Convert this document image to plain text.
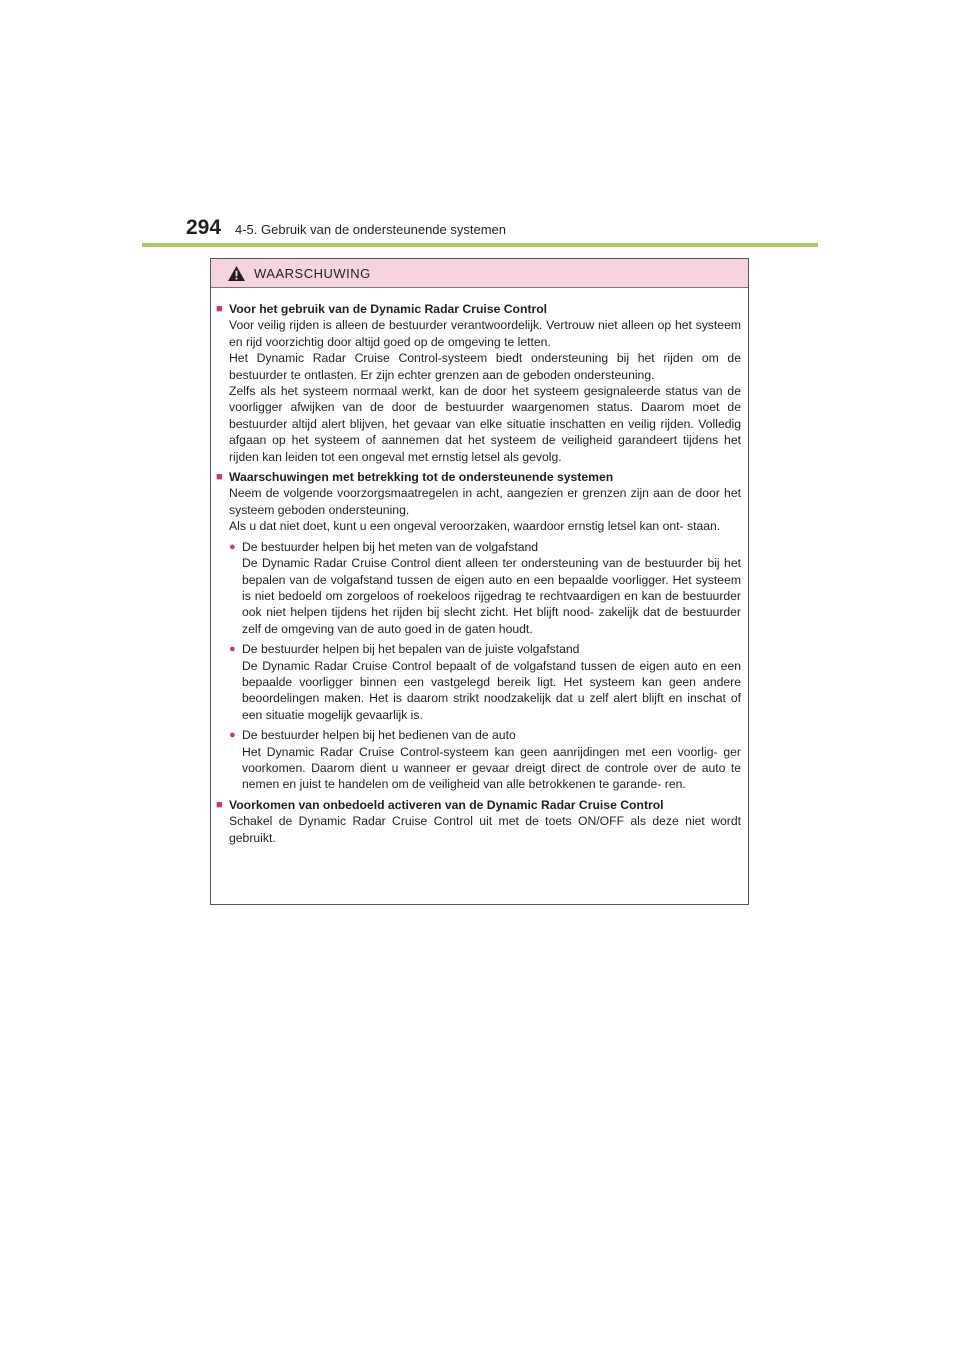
294 4-5. Gebruik van de ondersteunende systemen
WAARSCHUWING
■ Voor het gebruik van de Dynamic Radar Cruise Control
Voor veilig rijden is alleen de bestuurder verantwoordelijk. Vertrouw niet alleen op het systeem en rijd voorzichtig door altijd goed op de omgeving te letten.
Het Dynamic Radar Cruise Control-systeem biedt ondersteuning bij het rijden om de bestuurder te ontlasten. Er zijn echter grenzen aan de geboden ondersteuning.
Zelfs als het systeem normaal werkt, kan de door het systeem gesignaleerde status van de voorligger afwijken van de door de bestuurder waargenomen status. Daarom moet de bestuurder altijd alert blijven, het gevaar van elke situatie inschatten en veilig rijden. Volledig afgaan op het systeem of aannemen dat het systeem de veiligheid garandeert tijdens het rijden kan leiden tot een ongeval met ernstig letsel als gevolg.
■ Waarschuwingen met betrekking tot de ondersteunende systemen
Neem de volgende voorzorgsmaatregelen in acht, aangezien er grenzen zijn aan de door het systeem geboden ondersteuning.
Als u dat niet doet, kunt u een ongeval veroorzaken, waardoor ernstig letsel kan ont- staan.
● De bestuurder helpen bij het meten van de volgafstand
De Dynamic Radar Cruise Control dient alleen ter ondersteuning van de bestuurder bij het bepalen van de volgafstand tussen de eigen auto en een bepaalde voorligger. Het systeem is niet bedoeld om zorgeloos of roekeloos rijgedrag te rechtvaardigen en kan de bestuurder ook niet helpen tijdens het rijden bij slecht zicht. Het blijft nood- zakelijk dat de bestuurder zelf de omgeving van de auto goed in de gaten houdt.
● De bestuurder helpen bij het bepalen van de juiste volgafstand
De Dynamic Radar Cruise Control bepaalt of de volgafstand tussen de eigen auto en een bepaalde voorligger binnen een vastgelegd bereik ligt. Het systeem kan geen andere beoordelingen maken. Het is daarom strikt noodzakelijk dat u zelf alert blijft en inschat of een situatie mogelijk gevaarlijk is.
● De bestuurder helpen bij het bedienen van de auto
Het Dynamic Radar Cruise Control-systeem kan geen aanrijdingen met een voorlig- ger voorkomen. Daarom dient u wanneer er gevaar dreigt direct de controle over de auto te nemen en juist te handelen om de veiligheid van alle betrokkenen te garande- ren.
■ Voorkomen van onbedoeld activeren van de Dynamic Radar Cruise Control
Schakel de Dynamic Radar Cruise Control uit met de toets ON/OFF als deze niet wordt gebruikt.
